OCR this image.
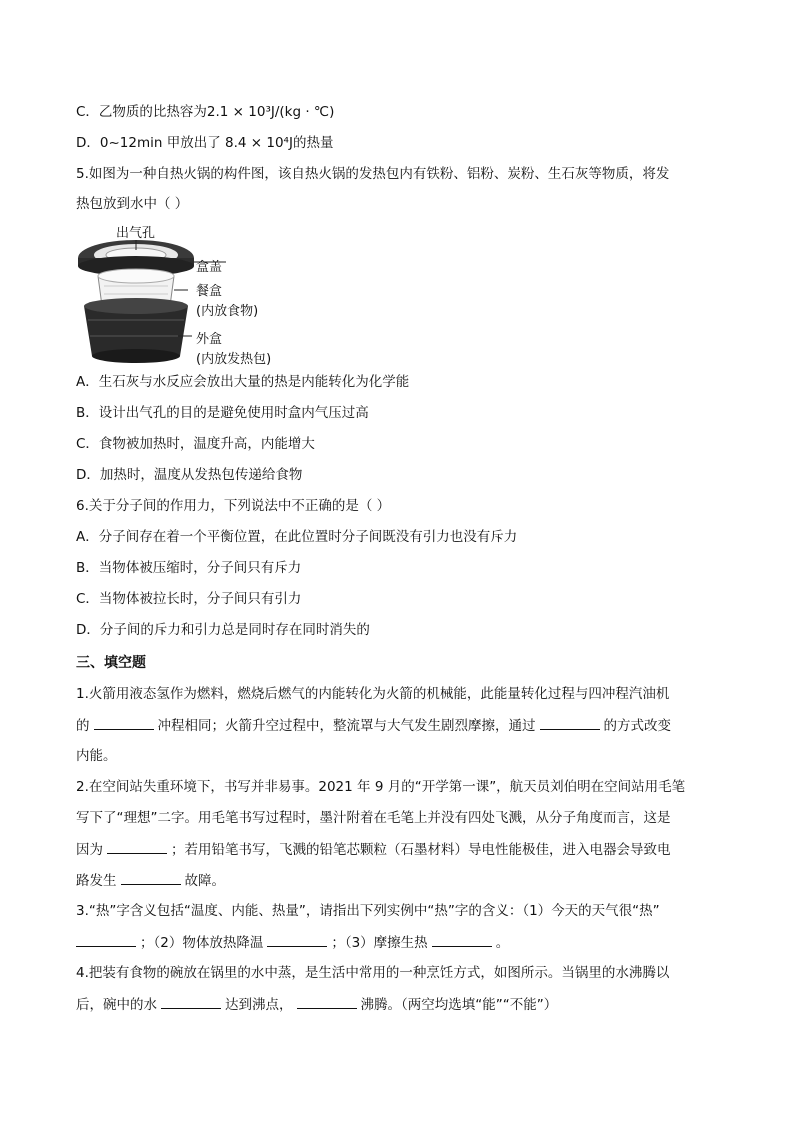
C．乙物质的比热容为2.1 × 10³J/(kg · ℃)
D．0~12min 甲放出了 8.4 × 10⁴J的热量
5.如图为一种自热火锅的构件图，该自热火锅的发热包内有铁粉、铝粉、炭粉、生石灰等物质，将发
热包放到水中（ ）
出气孔
盒盖
餐盒
(内放食物)
外盒
(内放发热包)
A．生石灰与水反应会放出大量的热是内能转化为化学能
B．设计出气孔的目的是避免使用时盒内气压过高
C．食物被加热时，温度升高，内能增大
D．加热时，温度从发热包传递给食物
6.关于分子间的作用力，下列说法中不正确的是（ ）
A．分子间存在着一个平衡位置，在此位置时分子间既没有引力也没有斥力
B．当物体被压缩时，分子间只有斥力
C．当物体被拉长时，分子间只有引力
D．分子间的斥力和引力总是同时存在同时消失的
三、填空题
1.火箭用液态氢作为燃料，燃烧后燃气的内能转化为火箭的机械能，此能量转化过程与四冲程汽油机
的	冲程相同；火箭升空过程中，整流罩与大气发生剧烈摩擦，通过	的方式改变
内能。
2.在空间站失重环境下，书写并非易事。2021 年 9 月的“开学第一课”，航天员刘伯明在空间站用毛笔
写下了“理想”二字。用毛笔书写过程时，墨汁附着在毛笔上并没有四处飞溅，从分子角度而言，这是
因为	；若用铅笔书写，飞溅的铅笔芯颗粒（石墨材料）导电性能极佳，进入电器会导致电
路发生	故障。
3.“热”字含义包括“温度、内能、热量”，请指出下列实例中“热”字的含义：（1）今天的天气很“热”
；（2）物体放热降温	；（3）摩擦生热	。
4.把装有食物的碗放在锅里的水中蒸，是生活中常用的一种烹饪方式，如图所示。当锅里的水沸腾以
后，碗中的水	达到沸点，	沸腾。（两空均选填“能”“不能”）
